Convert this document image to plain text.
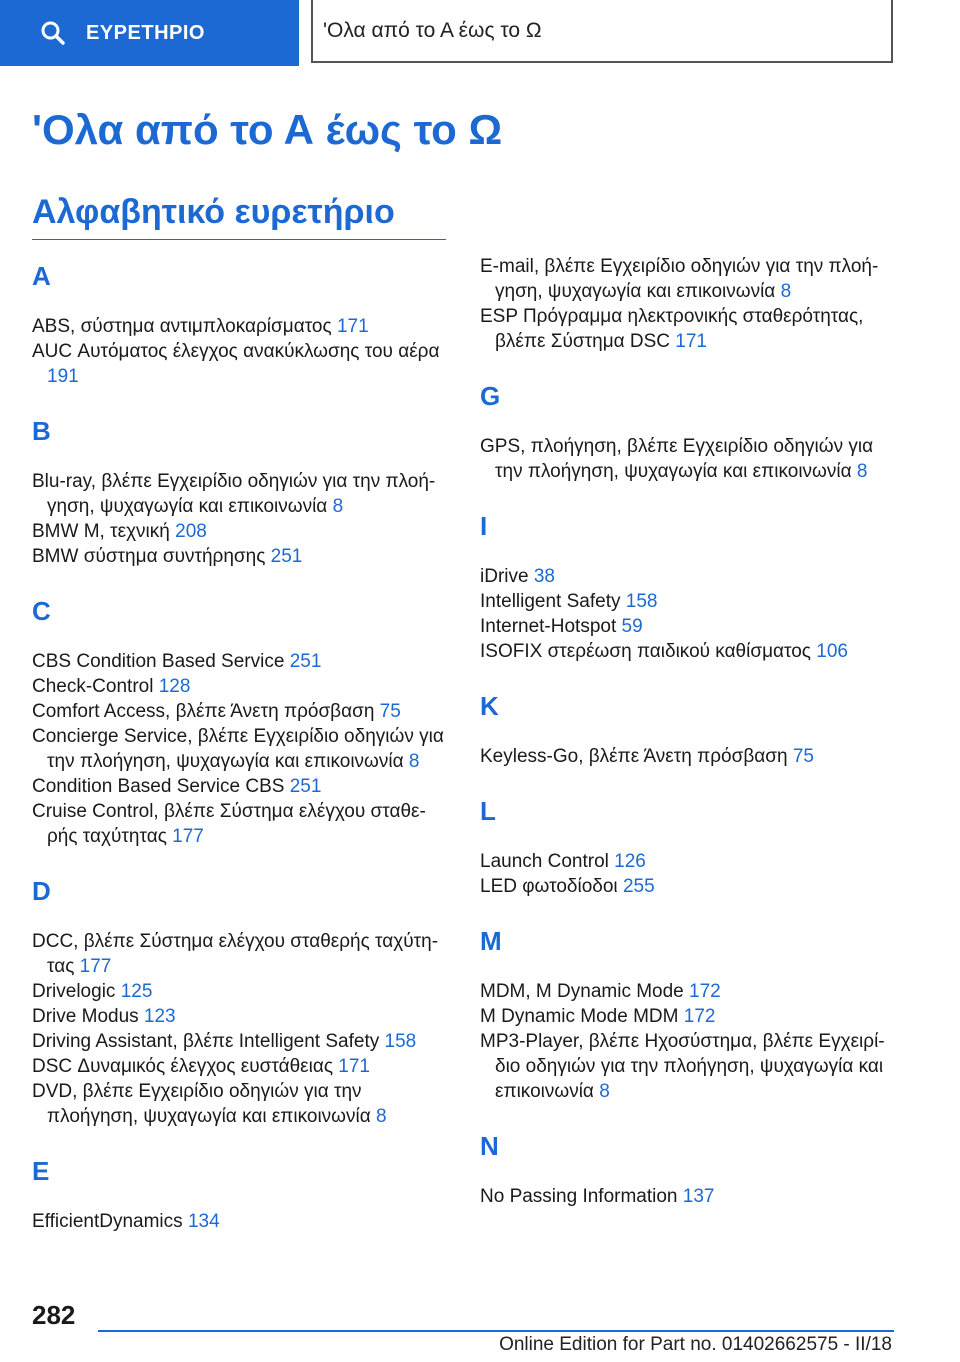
ΕΥΡΕΤΗΡΙΟ	'Ολα από το Α έως το Ω
'Ολα από το Α έως το Ω
Αλφαβητικό ευρετήριο
A

ABS, σύστημα αντιμπλοκαρίσματος 171

AUC Αυτόματος έλεγχος ανακύκλωσης του αέρα 191

B

Blu-ray, βλέπε Εγχειρίδιο οδηγιών για την πλοή-γηση, ψυχαγωγία και επικοινωνία 8

BMW M, τεχνική 208

BMW σύστημα συντήρησης 251

C

CBS Condition Based Service 251

Check-Control 128

Comfort Access, βλέπε Άνετη πρόσβαση 75

Concierge Service, βλέπε Εγχειρίδιο οδηγιών για την πλοήγηση, ψυχαγωγία και επικοινωνία 8

Condition Based Service CBS 251

Cruise Control, βλέπε Σύστημα ελέγχου σταθε-ρής ταχύτητας 177

D

DCC, βλέπε Σύστημα ελέγχου σταθερής ταχύτη-τας 177

Drivelogic 125

Drive Modus 123

Driving Assistant, βλέπε Intelligent Safety 158

DSC Δυναμικός έλεγχος ευστάθειας 171

DVD, βλέπε Εγχειρίδιο οδηγιών για την πλοήγηση, ψυχαγωγία και επικοινωνία 8

E

EfficientDynamics 134

E-mail, βλέπε Εγχειρίδιο οδηγιών για την πλοή-γηση, ψυχαγωγία και επικοινωνία 8

ESP Πρόγραμμα ηλεκτρονικής σταθερότητας, βλέπε Σύστημα DSC 171

G

GPS, πλοήγηση, βλέπε Εγχειρίδιο οδηγιών για την πλοήγηση, ψυχαγωγία και επικοινωνία 8

I

iDrive 38

Intelligent Safety 158

Internet-Hotspot 59

ISOFIX στερέωση παιδικού καθίσματος 106

K

Keyless-Go, βλέπε Άνετη πρόσβαση 75

L

Launch Control 126

LED φωτοδίοδοι 255

M

MDM, M Dynamic Mode 172

M Dynamic Mode MDM 172

MP3-Player, βλέπε Ηχοσύστημα, βλέπε Εγχειρί-διο οδηγιών για την πλοήγηση, ψυχαγωγία και επικοινωνία 8

N

No Passing Information 137

282
Online Edition for Part no. 01402662575 - II/18
